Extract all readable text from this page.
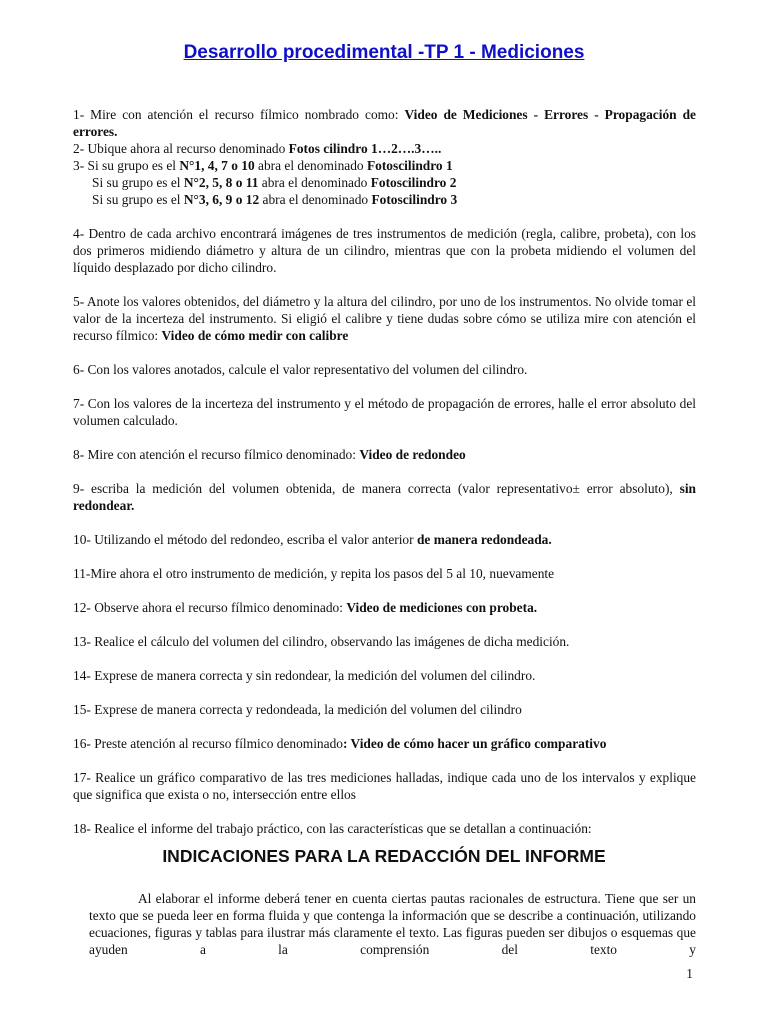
Desarrollo procedimental -TP 1 - Mediciones

1- Mire con atención el recurso fílmico nombrado como: Video de Mediciones - Errores - Propagación de errores.

2- Ubique ahora al recurso denominado Fotos cilindro 1…2….3…..

3- Si su grupo es el N°1, 4, 7 o 10 abra el denominado Fotoscilindro 1

Si su grupo es el N°2, 5, 8 o 11 abra el denominado Fotoscilindro 2

Si su grupo es el N°3, 6, 9 o 12 abra el denominado Fotoscilindro 3

4- Dentro de cada archivo encontrará imágenes de tres instrumentos de medición (regla, calibre, probeta), con los dos primeros midiendo diámetro y altura de un cilindro, mientras que con la probeta midiendo el volumen del líquido desplazado por dicho cilindro.

5- Anote los valores obtenidos, del diámetro y la altura del cilindro, por uno de los instrumentos. No olvide tomar el valor de la incerteza del instrumento. Si eligió el calibre y tiene dudas sobre cómo se utiliza mire con atención el recurso fílmico: Video de cómo medir con calibre

6- Con los valores anotados, calcule el valor representativo del volumen del cilindro.

7- Con los valores de la incerteza del instrumento y el método de propagación de errores, halle el error absoluto del volumen calculado.

8- Mire con atención el recurso fílmico denominado: Video de redondeo

9- escriba la medición del volumen obtenida, de manera correcta (valor representativo± error absoluto), sin redondear.

10- Utilizando el método del redondeo, escriba el valor anterior de manera redondeada.

11-Mire ahora el otro instrumento de medición, y repita los pasos del 5 al 10, nuevamente

12- Observe ahora el recurso fílmico denominado: Video de mediciones con probeta.

13- Realice el cálculo del volumen del cilindro, observando las imágenes de dicha medición.

14- Exprese de manera correcta y sin redondear, la medición del volumen del cilindro.

15- Exprese de manera correcta y redondeada, la medición del volumen del cilindro

16- Preste atención al recurso fílmico denominado: Video de cómo hacer un gráfico comparativo

17- Realice un gráfico comparativo de las tres mediciones halladas, indique cada uno de los intervalos y explique que significa que exista o no, intersección entre ellos

18- Realice el informe del trabajo práctico, con las características que se detallan a continuación:

INDICACIONES PARA LA REDACCIÓN DEL INFORME

Al elaborar el informe deberá tener en cuenta ciertas pautas racionales de estructura. Tiene que ser un texto que se pueda leer en forma fluida y que contenga la información que se describe a continuación, utilizando ecuaciones, figuras y tablas para ilustrar más claramente el texto. Las figuras pueden ser dibujos o esquemas que ayuden a la comprensión del texto y

1
